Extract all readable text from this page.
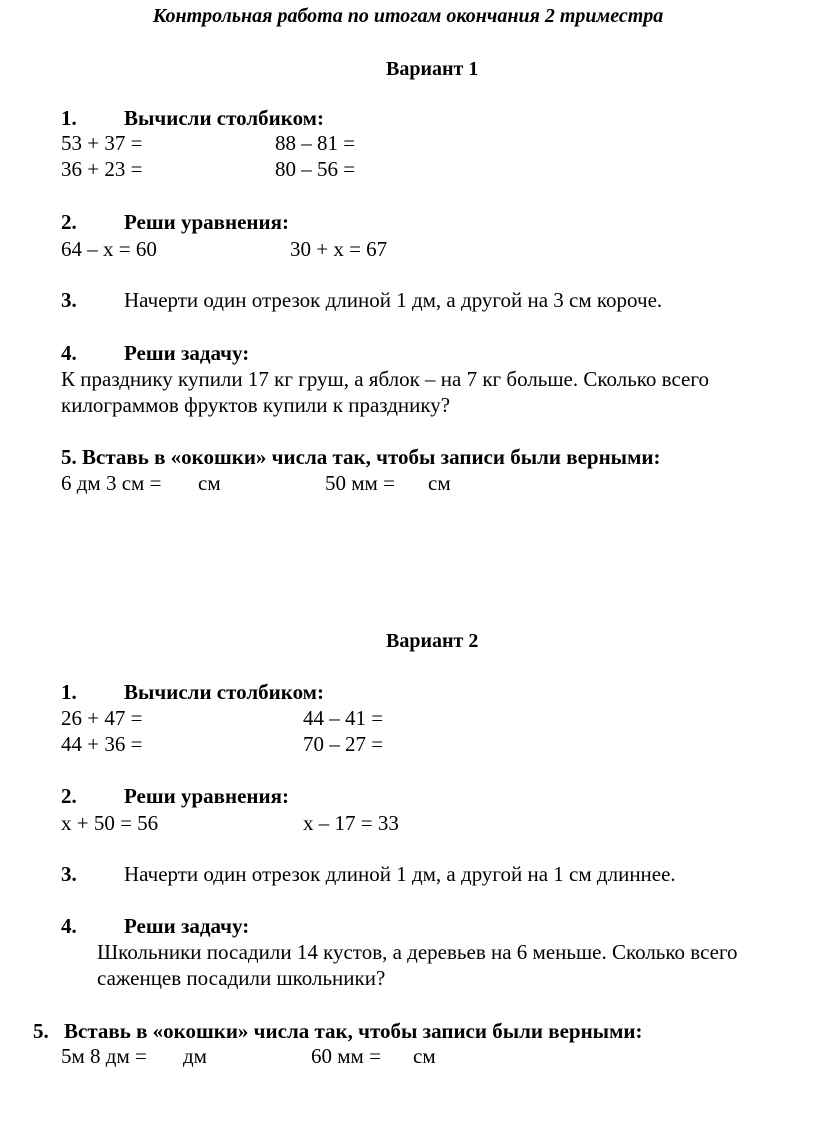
Контрольная работа по итогам окончания 2 триместра
Вариант 1
1. Вычисли столбиком:
53 + 37 =	88 – 81 =
36 + 23 =	80 – 56 =
2. Реши уравнения:
64 – х = 60	30 + х = 67
3. Начерти один отрезок длиной 1 дм, а другой на 3 см короче.
4. Реши задачу:
К празднику купили 17 кг груш, а яблок – на 7 кг больше. Сколько всего
килограммов фруктов купили к празднику?
5. Вставь в «окошки» числа так, чтобы записи были верными:
6 дм 3 см = см	50 мм = см
Вариант 2
1. Вычисли столбиком:
26 + 47 =	44 – 41 =
44 + 36 =	70 – 27 =
2. Реши уравнения:
х + 50 = 56	х – 17 = 33
3. Начерти один отрезок длиной 1 дм, а другой на 1 см длиннее.
4. Реши задачу:
Школьники посадили 14 кустов, а деревьев на 6 меньше. Сколько всего
саженцев посадили школьники?
5. Вставь в «окошки» числа так, чтобы записи были верными:
5м 8 дм = дм	60 мм = см
